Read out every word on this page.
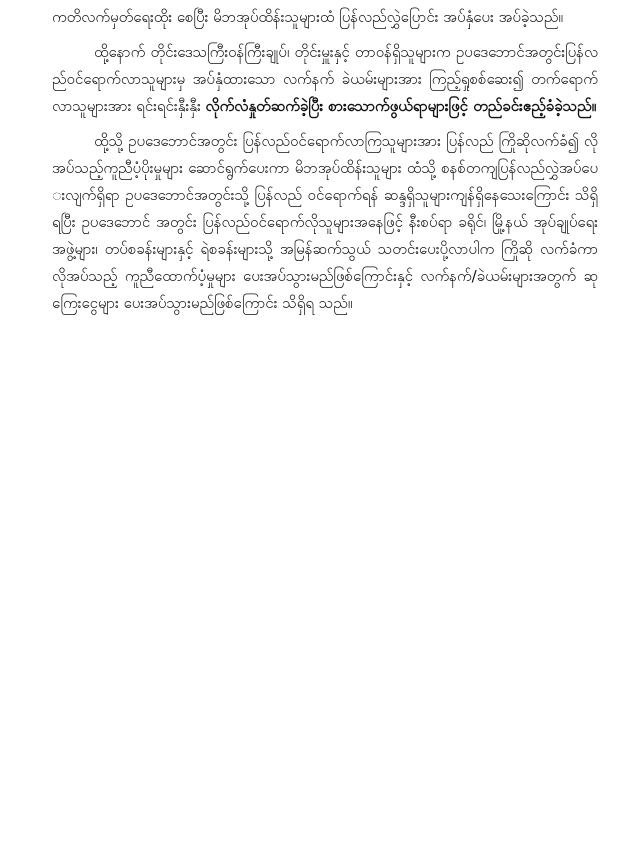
ကတိလက်မှတ်ရေးထိုး စေပြီး မိဘအုပ်ထိန်းသူများထံ ပြန်လည်လွှဲပြောင်း အပ်နှံပေး အပ်ခဲ့သည်။

ထို့နောက် တိုင်းဒေသကြီးဝန်ကြီးချုပ်၊ တိုင်းမှူးနှင့် တာဝန်ရှိသူများက ဥပဒေဘောင်အတွင်းပြန်လည်ဝင်ရောက်လာသူများမှ အပ်နှံထားသော လက်နက် ခဲယမ်းများအား ကြည့်ရှုစစ်ဆေး၍ တက်ရောက်လာသူများအား ရင်းရင်းနှီးနှီး လိုက်လံနှုတ်ဆက်ခဲ့ပြီး စားသောက်ဖွယ်ရာများဖြင့် တည်ခင်းဧည့်ခံခဲ့သည်။

ထို့သို့ ဥပဒေဘောင်အတွင်း ပြန်လည်ဝင်ရောက်လာကြသူများအား ပြန်လည် ကြိုဆိုလက်ခံ၍ လိုအပ်သည့်ကူညီပံ့ပိုးမှုများ ဆောင်ရွက်ပေးကာ မိဘအုပ်ထိန်းသူများ ထံသို့ စနစ်တကျပြန်လည်လွှဲအပ်ပေးလျက်ရှိရာ ဥပဒေဘောင်အတွင်းသို့ ပြန်လည် ဝင်ရောက်ရန် ဆန္ဒရှိသူများကျန်ရှိနေသေးကြောင်း သိရှိရပြီး ဥပဒေဘောင် အတွင်း ပြန်လည်ဝင်ရောက်လိုသူများအနေဖြင့် နီးစပ်ရာ ခရိုင်၊ မြို့နယ် အုပ်ချုပ်ရေးအဖွဲ့များ၊ တပ်စခန်းများနှင့် ရဲစခန်းများသို့ အမြန်ဆက်သွယ် သတင်းပေးပို့လာပါက ကြိုဆို လက်ခံကာ လိုအပ်သည့် ကူညီထောက်ပံ့မှုများ ပေးအပ်သွားမည်ဖြစ်ကြောင်းနှင့် လက်နက်/ခဲယမ်းများအတွက် ဆုကြေးငွေများ ပေးအပ်သွားမည်ဖြစ်ကြောင်း သိရှိရ သည်။
